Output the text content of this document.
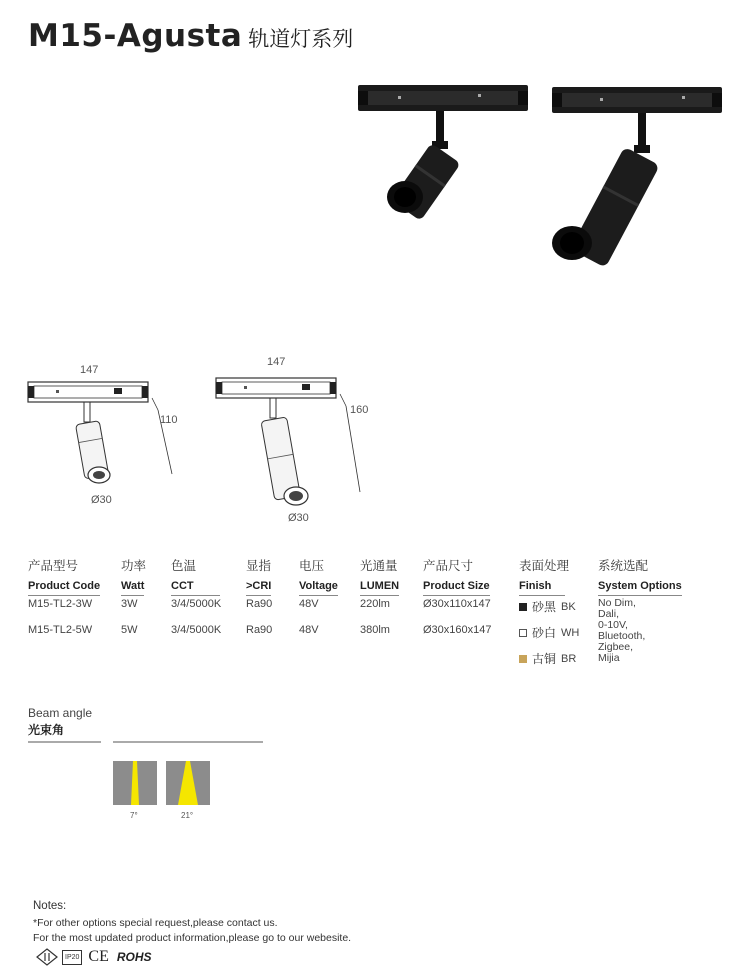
M15-Agusta 轨道灯系列
147
110
Ø30
147
160
Ø30
产品型号
Product Code
M15-TL2-3W
M15-TL2-5W
功率
Watt
3W
5W
色温
CCT
3/4/5000K
3/4/5000K
显指
>CRI
Ra90
Ra90
电压
Voltage
48V
48V
光通量
LUMEN
220lm
380lm
产品尺寸
Product Size
Ø30x110x147
Ø30x160x147
表面处理
Finish
砂黑 BK
砂白 WH
古铜 BR
系统选配
System Options
No Dim,
Dali,
0-10V,
Bluetooth,
Zigbee,
Mijia
Beam angle
光束角
7°	21°
Notes:
*For other options special request,please contact us.
For the most updated product information,please go to our webesite.
IP20 CE ROHS
